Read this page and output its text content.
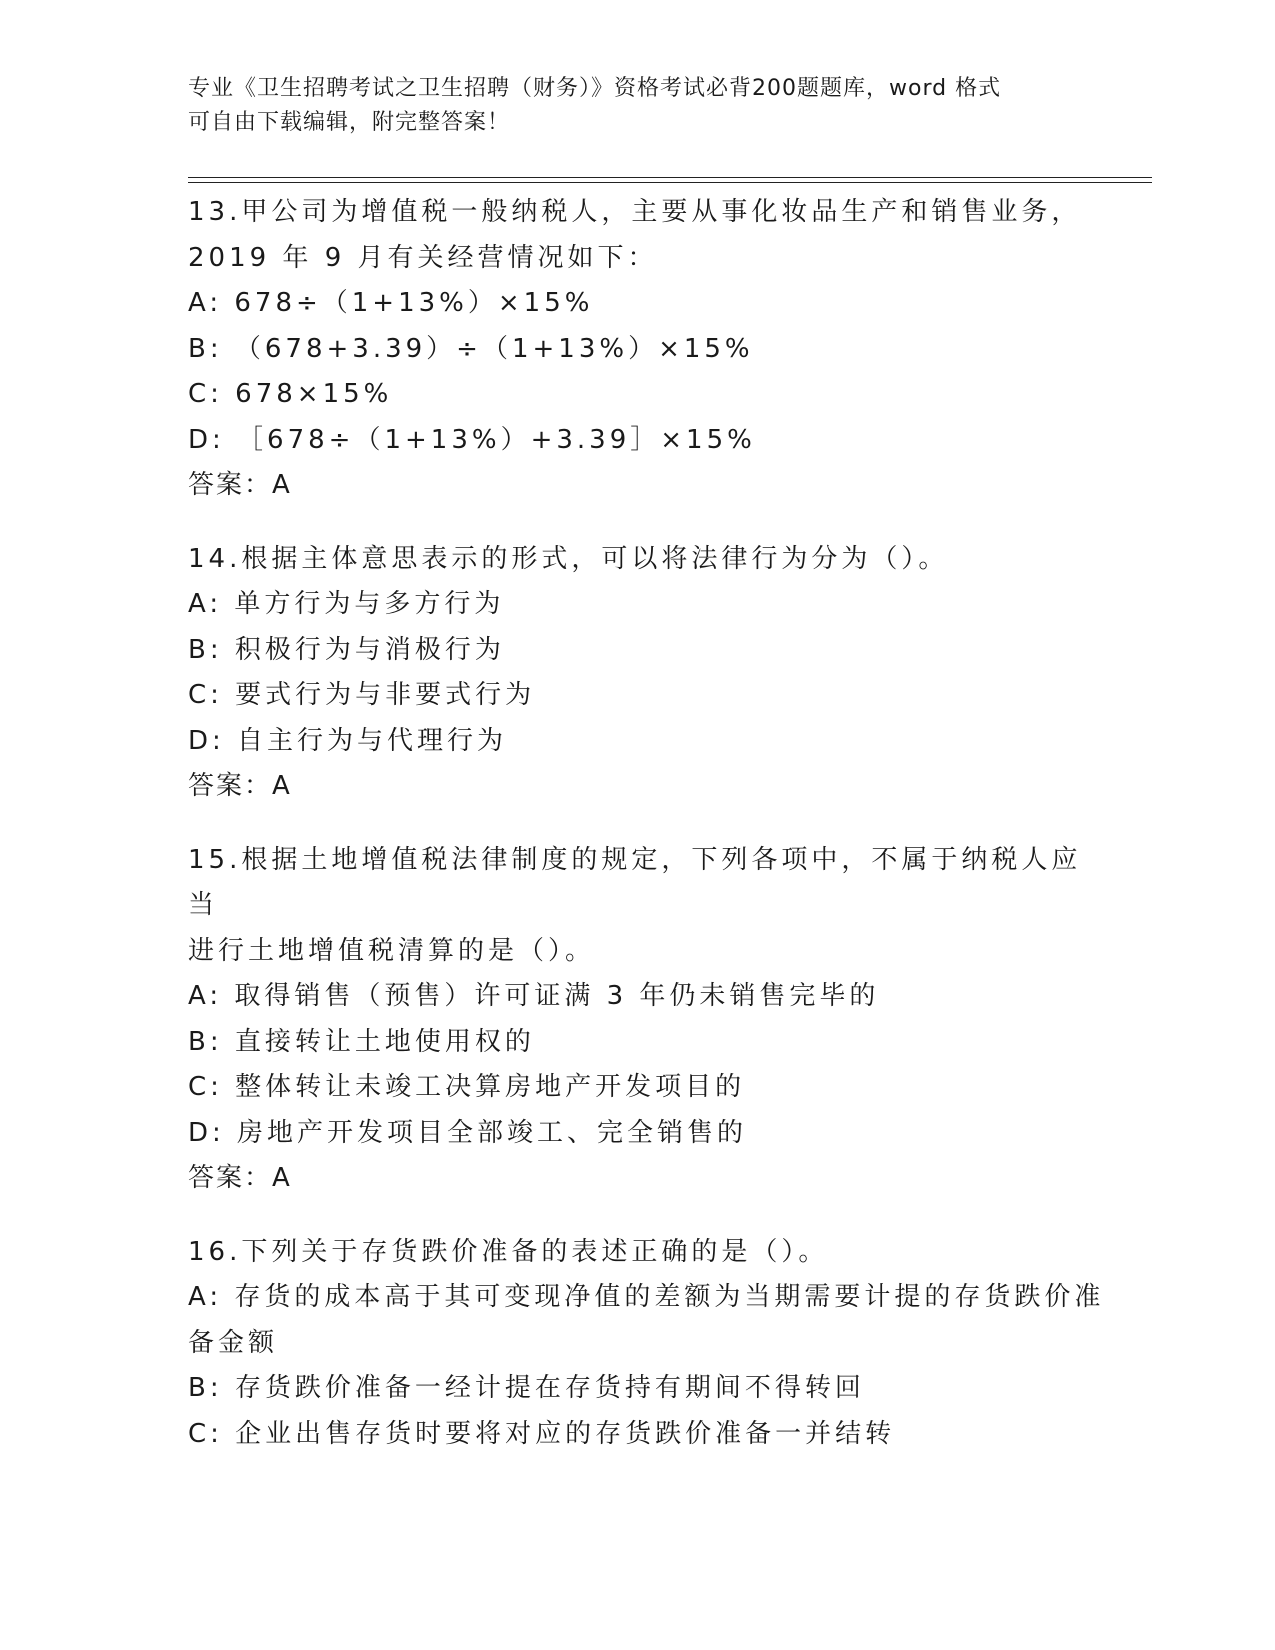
专业《卫生招聘考试之卫生招聘（财务）》资格考试必背200题题库，word 格式
可自由下载编辑，附完整答案！
13.甲公司为增值税一般纳税人，主要从事化妆品生产和销售业务，
2019 年 9 月有关经营情况如下：
A: 678÷（1+13%）×15%
B: （678+3.39）÷（1+13%）×15%
C: 678×15%
D: ［678÷（1+13%）+3.39］×15%
答案：A
14.根据主体意思表示的形式，可以将法律行为分为（）。
A: 单方行为与多方行为
B: 积极行为与消极行为
C: 要式行为与非要式行为
D: 自主行为与代理行为
答案：A
15.根据土地增值税法律制度的规定，下列各项中，不属于纳税人应当
进行土地增值税清算的是（）。
A: 取得销售（预售）许可证满 3 年仍未销售完毕的
B: 直接转让土地使用权的
C: 整体转让未竣工决算房地产开发项目的
D: 房地产开发项目全部竣工、完全销售的
答案：A
16.下列关于存货跌价准备的表述正确的是（）。
A: 存货的成本高于其可变现净值的差额为当期需要计提的存货跌价准
备金额
B: 存货跌价准备一经计提在存货持有期间不得转回
C: 企业出售存货时要将对应的存货跌价准备一并结转
